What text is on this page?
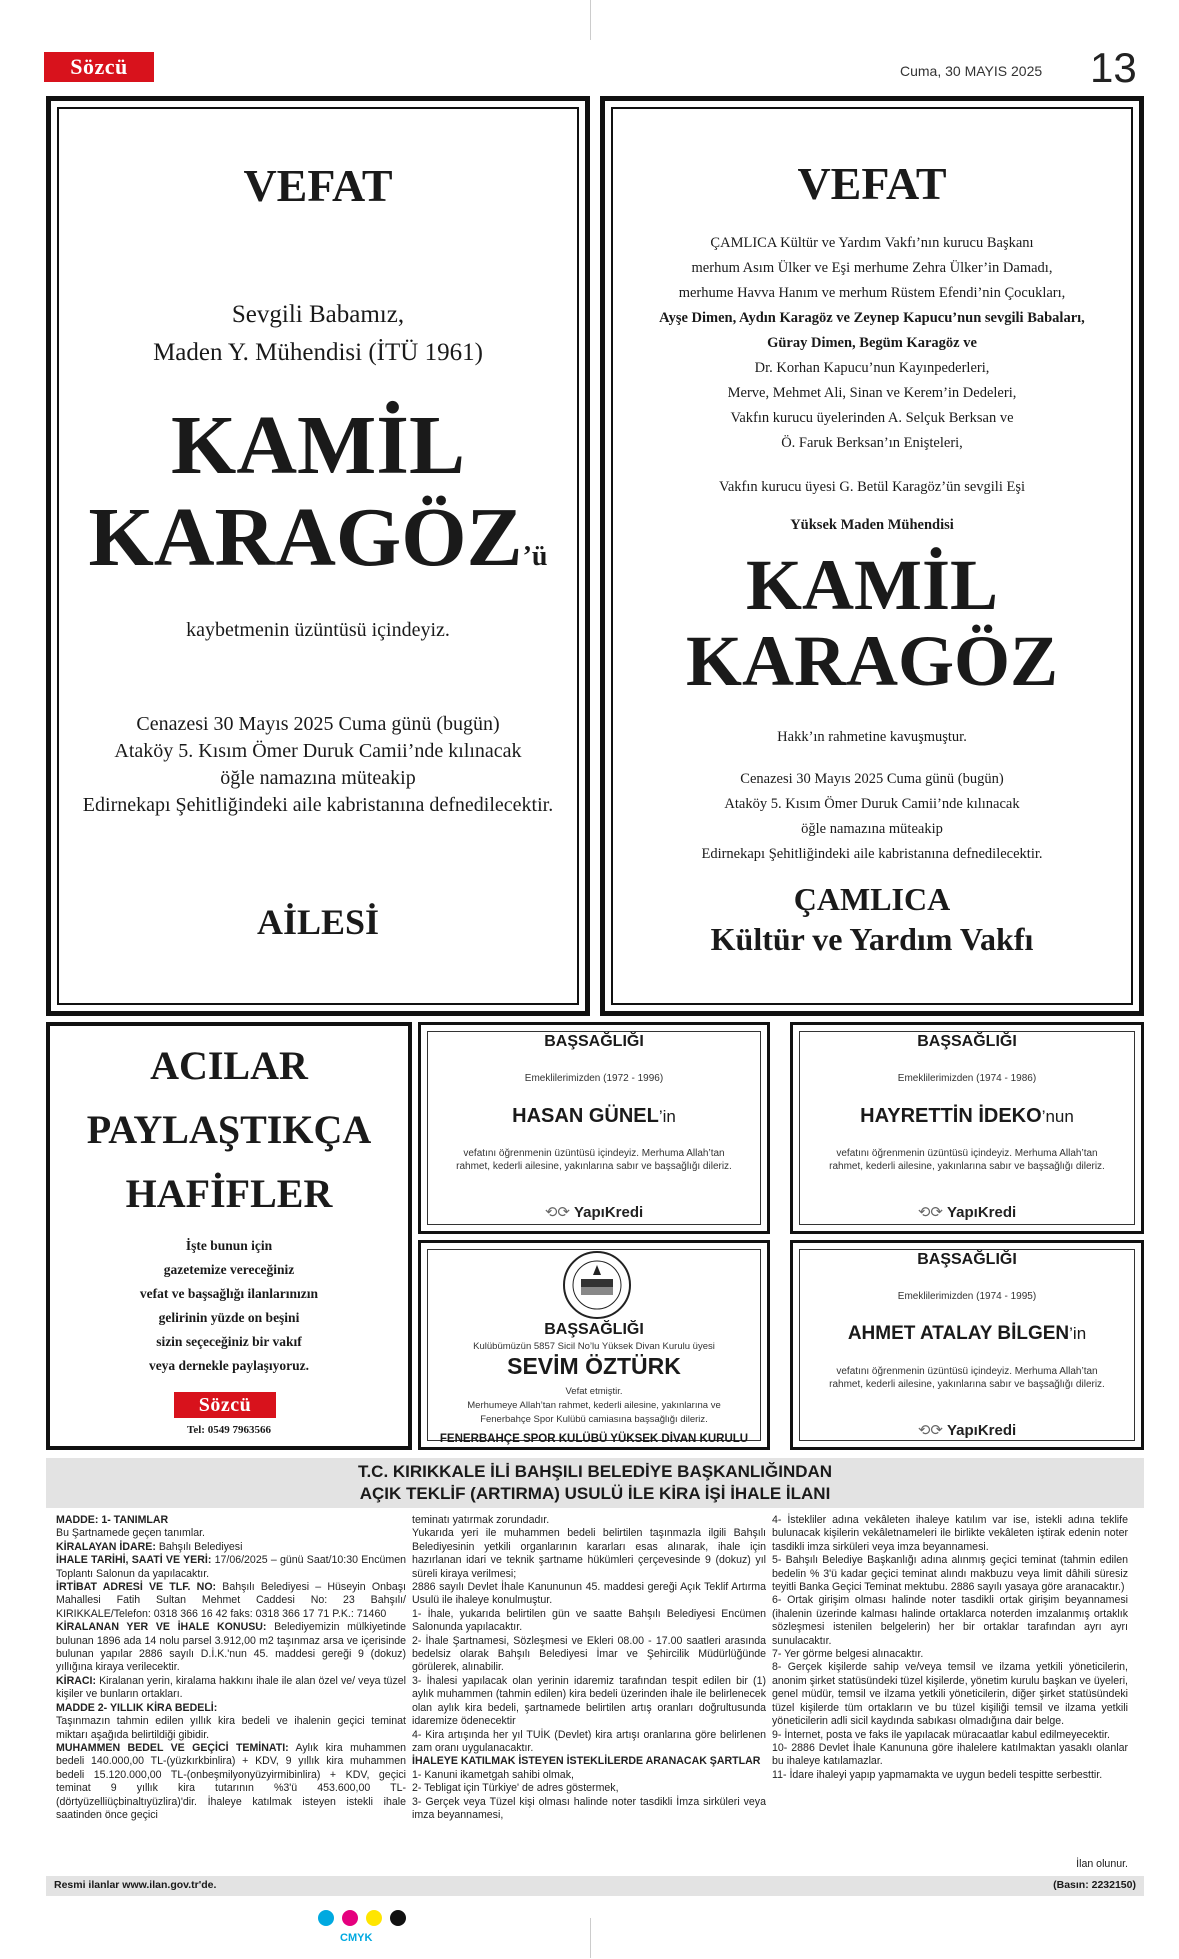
Sözcü	Cuma, 30 MAYIS 2025 13
VEFAT
Sevgili Babamız,
Maden Y. Mühendisi (İTÜ 1961)
KAMİL
KARAGÖZ’ü
kaybetmenin üzüntüsü içindeyiz.
Cenazesi 30 Mayıs 2025 Cuma günü (bugün)
Ataköy 5. Kısım Ömer Duruk Camii’nde kılınacak
öğle namazına müteakip
Edirnekapı Şehitliğindeki aile kabristanına defnedilecektir.
AİLESİ
VEFAT
ÇAMLICA Kültür ve Yardım Vakfı’nın kurucu Başkanı
merhum Asım Ülker ve Eşi merhume Zehra Ülker’in Damadı,
merhume Havva Hanım ve merhum Rüstem Efendi’nin Çocukları,
Ayşe Dimen, Aydın Karagöz ve Zeynep Kapucu’nun sevgili Babaları,
Güray Dimen, Begüm Karagöz ve
Dr. Korhan Kapucu’nun Kayınpederleri,
Merve, Mehmet Ali, Sinan ve Kerem’in Dedeleri,
Vakfın kurucu üyelerinden A. Selçuk Berksan ve
Ö. Faruk Berksan’ın Enişteleri,
Vakfın kurucu üyesi G. Betül Karagöz’ün sevgili Eşi
Yüksek Maden Mühendisi
KAMİL
KARAGÖZ
Hakk’ın rahmetine kavuşmuştur.
Cenazesi 30 Mayıs 2025 Cuma günü (bugün)
Ataköy 5. Kısım Ömer Duruk Camii’nde kılınacak
öğle namazına müteakip
Edirnekapı Şehitliğindeki aile kabristanına defnedilecektir.
ÇAMLICA
Kültür ve Yardım Vakfı
ACILAR
PAYLAŞTIKÇA
HAFİFLER
İşte bunun için
gazetemize vereceğiniz
vefat ve başsağlığı ilanlarınızın
gelirinin yüzde on beşini
sizin seçeceğiniz bir vakıf
veya dernekle paylaşıyoruz.
Sözcü
Tel: 0549 7963566
BAŞSAĞLIĞI
Emeklilerimizden (1972 - 1996)
HASAN GÜNEL’in
vefatını öğrenmenin üzüntüsü içindeyiz. Merhuma Allah’tan rahmet, kederli ailesine, yakınlarına sabır ve başsağlığı dileriz.
⟲⟳ YapıKredi
BAŞSAĞLIĞI
Emeklilerimizden (1974 - 1986)
HAYRETTİN İDEKO’nun
vefatını öğrenmenin üzüntüsü içindeyiz. Merhuma Allah’tan rahmet, kederli ailesine, yakınlarına sabır ve başsağlığı dileriz.
⟲⟳ YapıKredi
BAŞSAĞLIĞI
Kulübümüzün 5857 Sicil No’lu Yüksek Divan Kurulu üyesi
SEVİM ÖZTÜRK
Vefat etmiştir.
Merhumeye Allah’tan rahmet, kederli ailesine, yakınlarına ve
Fenerbahçe Spor Kulübü camiasına başsağlığı dileriz.
FENERBAHÇE SPOR KULÜBÜ YÜKSEK DİVAN KURULU
BAŞSAĞLIĞI
Emeklilerimizden (1974 - 1995)
AHMET ATALAY BİLGEN’in
vefatını öğrenmenin üzüntüsü içindeyiz. Merhuma Allah’tan rahmet, kederli ailesine, yakınlarına sabır ve başsağlığı dileriz.
⟲⟳ YapıKredi
T.C. KIRIKKALE İLİ BAHŞILI BELEDİYE BAŞKANLIĞINDAN
AÇIK TEKLİF (ARTIRMA) USULÜ İLE KİRA İŞİ İHALE İLANI

MADDE: 1- TANIMLAR

Bu Şartnamede geçen tanımlar.

KİRALAYAN İDARE: Bahşılı Belediyesi

İHALE TARİHİ, SAATİ VE YERİ: 17/06/2025 – günü Saat/10:30 Encümen Toplantı Salonun da yapılacaktır.

İRTİBAT ADRESİ VE TLF. NO: Bahşılı Belediyesi – Hüseyin Onbaşı Mahallesi Fatih Sultan Mehmet Caddesi No: 23 Bahşılı/ KIRIKKALE/Telefon: 0318 366 16 42 faks: 0318 366 17 71 P.K.: 71460

KİRALANAN YER VE İHALE KONUSU: Belediyemizin mülkiyetinde bulunan 1896 ada 14 nolu parsel 3.912,00 m2 taşınmaz arsa ve içerisinde bulunan yapılar 2886 sayılı D.İ.K.'nun 45. maddesi gereği 9 (dokuz) yıllığına kiraya verilecektir.

KİRACI: Kiralanan yerin, kiralama hakkını ihale ile alan özel ve/ veya tüzel kişiler ve bunların ortakları.

MADDE 2- YILLIK KİRA BEDELİ:

Taşınmazın tahmin edilen yıllık kira bedeli ve ihalenin geçici teminat miktarı aşağıda belirtildiği gibidir.

MUHAMMEN BEDEL VE GEÇİCİ TEMİNATI: Aylık kira muhammen bedeli 140.000,00 TL-(yüzkırkbinlira) + KDV, 9 yıllık kira muhammen bedeli 15.120.000,00 TL-(onbeşmilyonyüzyirmibinlira) + KDV, geçici teminat 9 yıllık kira tutarının %3'ü 453.600,00 TL-(dörtyüzelliüçbinaltıyüzlira)'dir. İhaleye katılmak isteyen istekli ihale saatinden önce geçici

teminatı yatırmak zorundadır.

Yukarıda yeri ile muhammen bedeli belirtilen taşınmazla ilgili Bahşılı Belediyesinin yetkili organlarının kararları esas alınarak, ihale için hazırlanan idari ve teknik şartname hükümleri çerçevesinde 9 (dokuz) yıl süreli kiraya verilmesi;

2886 sayılı Devlet İhale Kanununun 45. maddesi gereği Açık Teklif Artırma Usulü ile ihaleye konulmuştur.

1- İhale, yukarıda belirtilen gün ve saatte Bahşılı Belediyesi Encümen Salonunda yapılacaktır.

2- İhale Şartnamesi, Sözleşmesi ve Ekleri 08.00 - 17.00 saatleri arasında bedelsiz olarak Bahşılı Belediyesi İmar ve Şehircilik Müdürlüğünde görülerek, alınabilir.

3- İhalesi yapılacak olan yerinin idaremiz tarafından tespit edilen bir (1) aylık muhammen (tahmin edilen) kira bedeli üzerinden ihale ile belirlenecek olan aylık kira bedeli, şartnamede belirtilen artış oranları doğrultusunda idaremize ödenecektir

4- Kira artışında her yıl TUİK (Devlet) kira artışı oranlarına göre belirlenen zam oranı uygulanacaktır.

İHALEYE KATILMAK İSTEYEN İSTEKLİLERDE ARANACAK ŞARTLAR

1- Kanuni ikametgah sahibi olmak,

2- Tebligat için Türkiye' de adres göstermek,

3- Gerçek veya Tüzel kişi olması halinde noter tasdikli İmza sirküleri veya imza beyannamesi,

4- İstekliler adına vekâleten ihaleye katılım var ise, istekli adına teklife bulunacak kişilerin vekâletnameleri ile birlikte vekâleten iştirak edenin noter tasdikli imza sirküleri veya imza beyannamesi.

5- Bahşılı Belediye Başkanlığı adına alınmış geçici teminat (tahmin edilen bedelin % 3'ü kadar geçici teminat alındı makbuzu veya limit dâhili süresiz teyitli Banka Geçici Teminat mektubu. 2886 sayılı yasaya göre aranacaktır.)

6- Ortak girişim olması halinde noter tasdikli ortak girişim beyannamesi (ihalenin üzerinde kalması halinde ortaklarca noterden imzalanmış ortaklık sözleşmesi istenilen belgelerin) her bir ortaklar tarafından ayrı ayrı sunulacaktır.

7- Yer görme belgesi alınacaktır.

8- Gerçek kişilerde sahip ve/veya temsil ve ilzama yetkili yöneticilerin, anonim şirket statüsündeki tüzel kişilerde, yönetim kurulu başkan ve üyeleri, genel müdür, temsil ve ilzama yetkili yöneticilerin, diğer şirket statüsündeki tüzel kişilerde tüm ortakların ve bu tüzel kişiliği temsil ve ilzama yetkili yöneticilerin adli sicil kaydında sabıkası olmadığına dair belge.

9- İnternet, posta ve faks ile yapılacak müracaatlar kabul edilmeyecektir.

10- 2886 Devlet İhale Kanununa göre ihalelere katılmaktan yasaklı olanlar bu ihaleye katılamazlar.

11- İdare ihaleyi yapıp yapmamakta ve uygun bedeli tespitte serbesttir.

İlan olunur.
Resmi ilanlar www.ilan.gov.tr'de.	(Basın: 2232150)
CMYK
